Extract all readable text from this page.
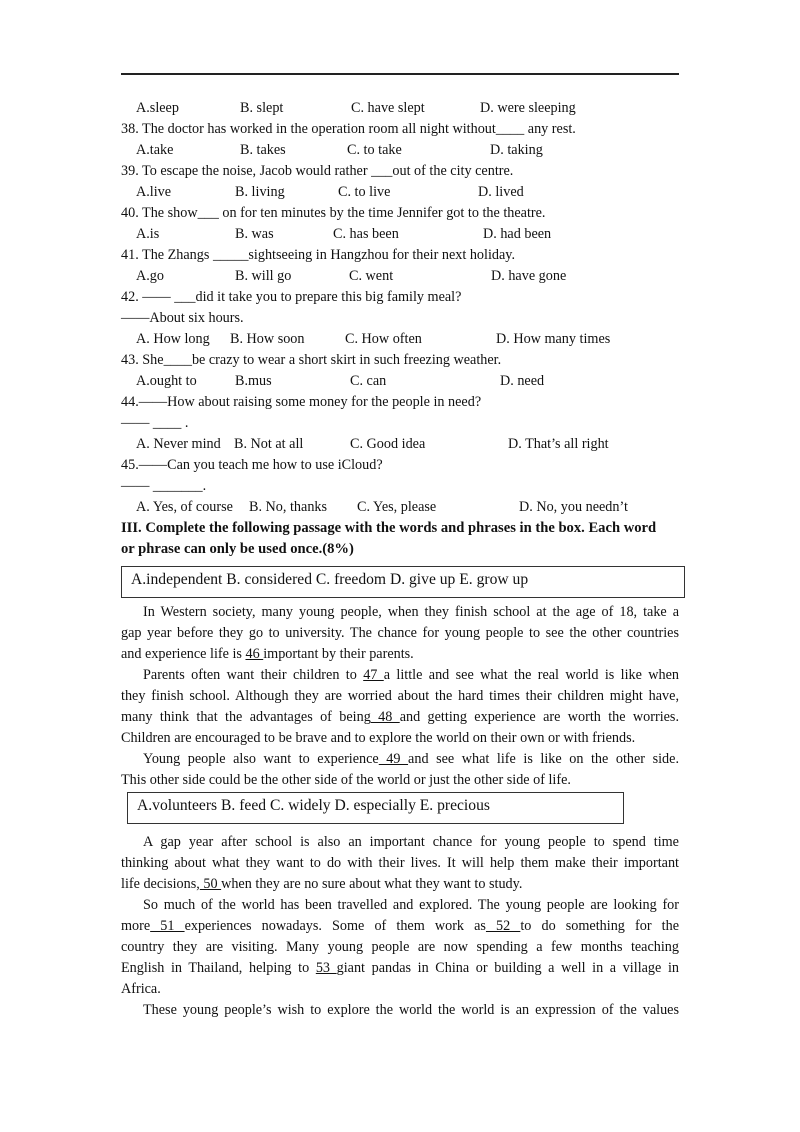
A.sleep	B. slept	C. have slept	D. were sleeping
38. The doctor has worked in the operation room all night without____ any rest.
A.take	B. takes	C. to take	D. taking
39. To escape the noise, Jacob would rather ___out of the city centre.
A.live	B. living	C. to live	D. lived
40. The show___ on for ten minutes by the time Jennifer got to the theatre.
A.is	B. was	C. has been	D. had been
41. The Zhangs _____sightseeing in Hangzhou for their next holiday.
A.go	B. will go	C. went	D. have gone
42. —— ___did it take you to prepare this big family meal?
——About six hours.
A. How long B. How soon	C. How often	D. How many times
43. She____be crazy to wear a short skirt in such freezing weather.
A.ought to	B.mus	C. can	D. need
44.——How about raising some money for the people in need?
—— ____ .
A. Never mind B. Not at all	C. Good idea	D. That’s all right
45.——Can you teach me how to use iCloud?
—— _______.
A. Yes, of course B. No, thanks C. Yes, please	D. No, you needn’t
III. Complete the following passage with the words and phrases in the box. Each word
or phrase can only be used once.(8%)
A.independent B. considered C. freedom D. give up E. grow up
In Western society, many young people, when they finish school at the age of 18, take a
gap year before they go to university. The chance for young people to see the other countries
and experience life is 46 important by their parents.
Parents often want their children to 47 a little and see what the real world is like when
they finish school. Although they are worried about the hard times their children might have,
many think that the advantages of being 48 and getting experience are worth the worries.
Children are encouraged to be brave and to explore the world on their own or with friends.
Young people also want to experience 49 and see what life is like on the other side.
This other side could be the other side of the world or just the other side of life.
A.volunteers B. feed C. widely D. especially E. precious
A gap year after school is also an important chance for young people to spend time
thinking about what they want to do with their lives. It will help them make their important
life decisions, 50 when they are no sure about what they want to study.
So much of the world has been travelled and explored. The young people are looking for
more 51 experiences nowadays. Some of them work as 52 to do something for the
country they are visiting. Many young people are now spending a few months teaching
English in Thailand, helping to 53 giant pandas in China or building a well in a village in
Africa.
These young people’s wish to explore the world the world is an expression of the values
